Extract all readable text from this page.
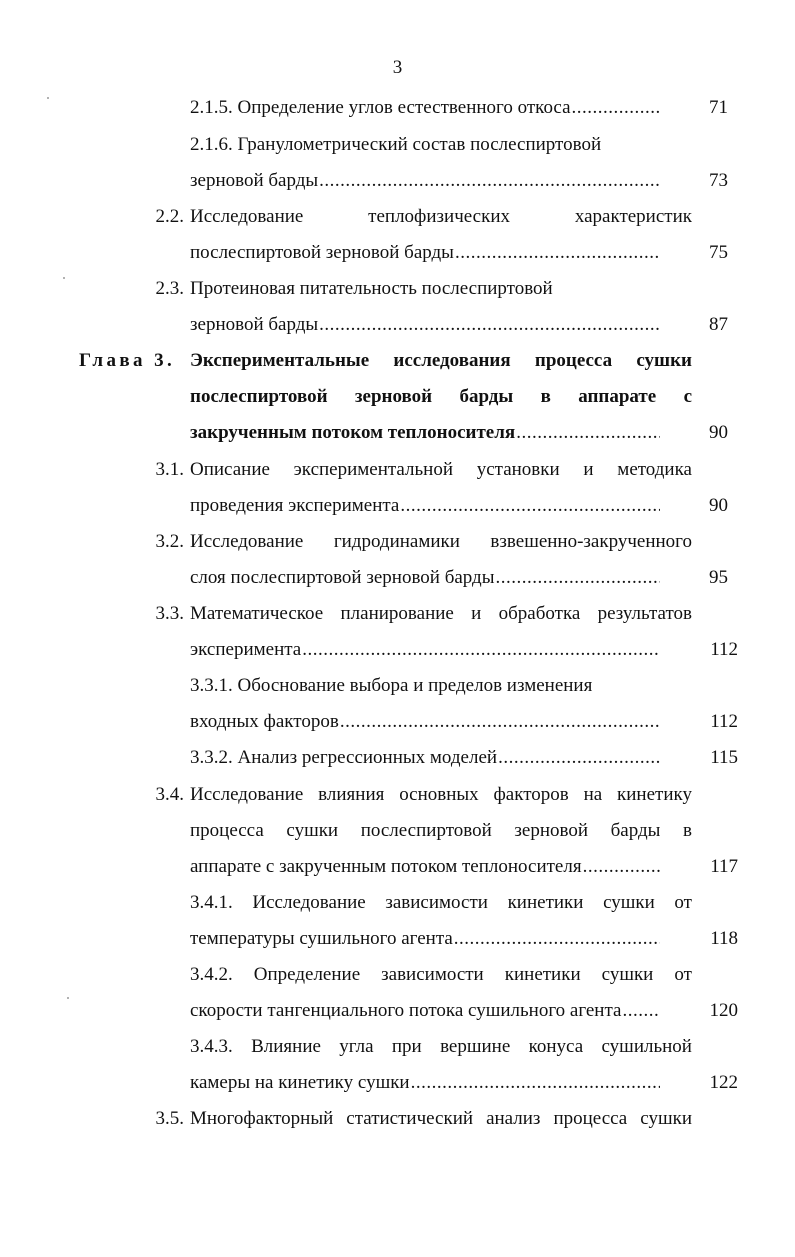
3
2.1.5. Определение углов естественного откоса .....	71
2.1.6. Гранулометрический состав послеспиртовой
зерновой барды .....	73
2.2. Исследование	теплофизических	характеристик
послеспиртовой зерновой барды .....	75
2.3. Протеиновая питательность послеспиртовой
зерновой барды .....	87
Глава 3. Экспериментальные исследования процесса сушки
послеспиртовой зерновой барды в аппарате с
закрученным потоком теплоносителя .....	90
3.1. Описание экспериментальной установки и методика
проведения эксперимента .....	90
3.2. Исследование гидродинамики взвешенно-закрученного
слоя послеспиртовой зерновой барды .....	95
3.3. Математическое планирование и обработка результатов
эксперимента .....	112
3.3.1. Обоснование выбора и пределов изменения
входных факторов .....	112
3.3.2. Анализ регрессионных моделей .....	115
3.4. Исследование влияния основных факторов на кинетику
процесса сушки послеспиртовой зерновой барды в
аппарате с закрученным потоком теплоносителя .....	117
3.4.1. Исследование зависимости кинетики сушки от
температуры сушильного агента .....	118
3.4.2. Определение зависимости кинетики сушки от
скорости тангенциального потока сушильного агента .....	120
3.4.3. Влияние угла при вершине конуса сушильной
камеры на кинетику сушки .....	122
3.5. Многофакторный статистический анализ процесса сушки
